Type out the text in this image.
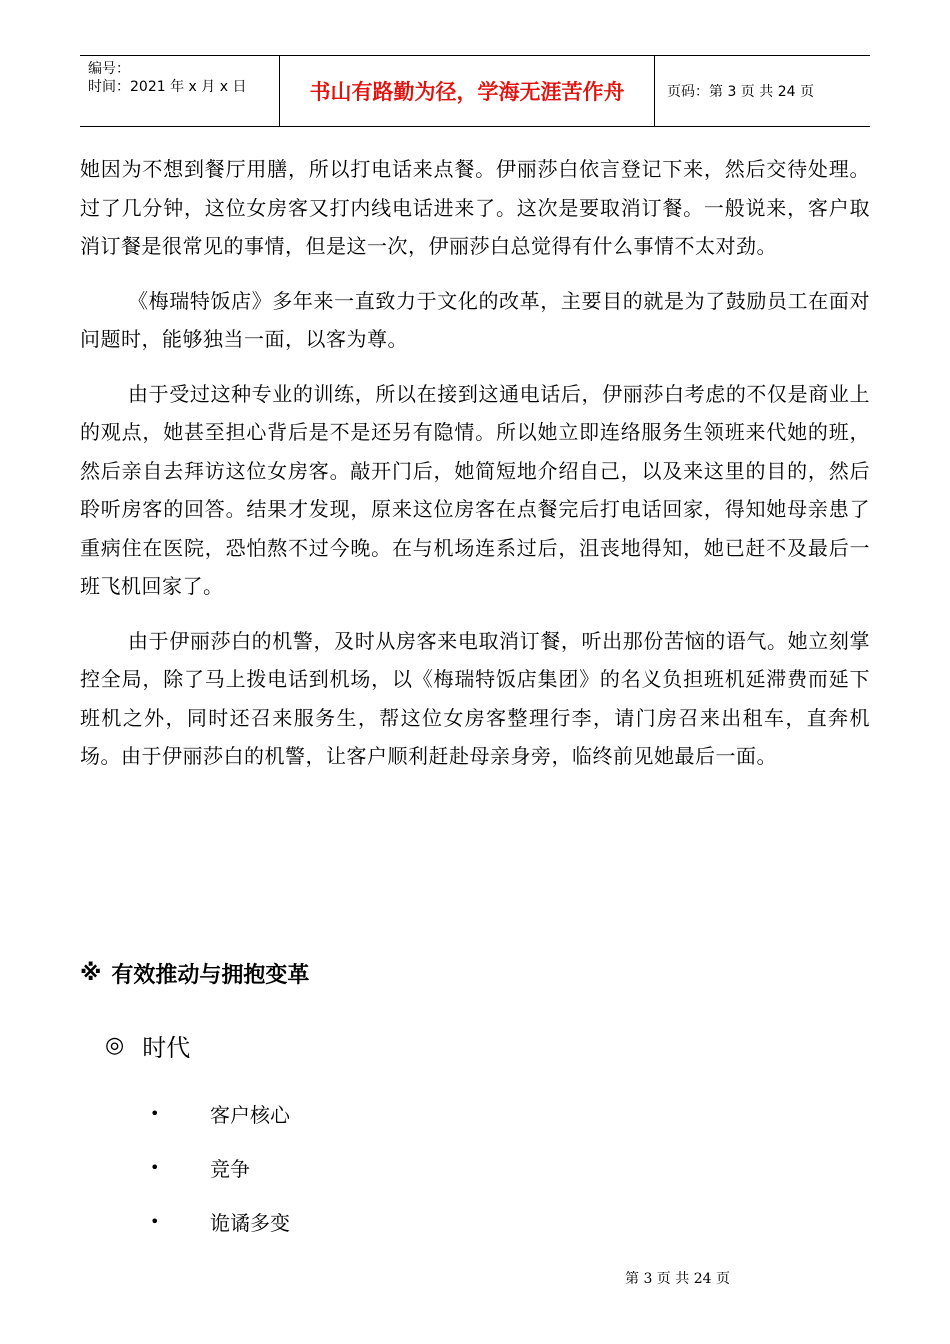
编号：
时间：2021 年 x 月 x 日	书山有路勤为径，学海无涯苦作舟	页码：第 3 页 共 24 页

她因为不想到餐厅用膳，所以打电话来点餐。伊丽莎白依言登记下来，然后交待处理。过了几分钟，这位女房客又打内线电话进来了。这次是要取消订餐。一般说来，客户取消订餐是很常见的事情，但是这一次，伊丽莎白总觉得有什么事情不太对劲。

《梅瑞特饭店》多年来一直致力于文化的改革，主要目的就是为了鼓励员工在面对问题时，能够独当一面，以客为尊。

由于受过这种专业的训练，所以在接到这通电话后，伊丽莎白考虑的不仅是商业上的观点，她甚至担心背后是不是还另有隐情。所以她立即连络服务生领班来代她的班，然后亲自去拜访这位女房客。敲开门后，她简短地介绍自己，以及来这里的目的，然后聆听房客的回答。结果才发现，原来这位房客在点餐完后打电话回家，得知她母亲患了重病住在医院，恐怕熬不过今晚。在与机场连系过后，沮丧地得知，她已赶不及最后一班飞机回家了。

由于伊丽莎白的机警，及时从房客来电取消订餐，听出那份苦恼的语气。她立刻掌控全局，除了马上拨电话到机场，以《梅瑞特饭店集团》的名义负担班机延滞费而延下班机之外，同时还召来服务生，帮这位女房客整理行李，请门房召来出租车，直奔机场。由于伊丽莎白的机警，让客户顺利赶赴母亲身旁，临终前见她最后一面。

※ 有效推动与拥抱变革
◎ 时代
•	客户核心
•	竞争
•	诡谲多变
第 3 页 共 24 页
